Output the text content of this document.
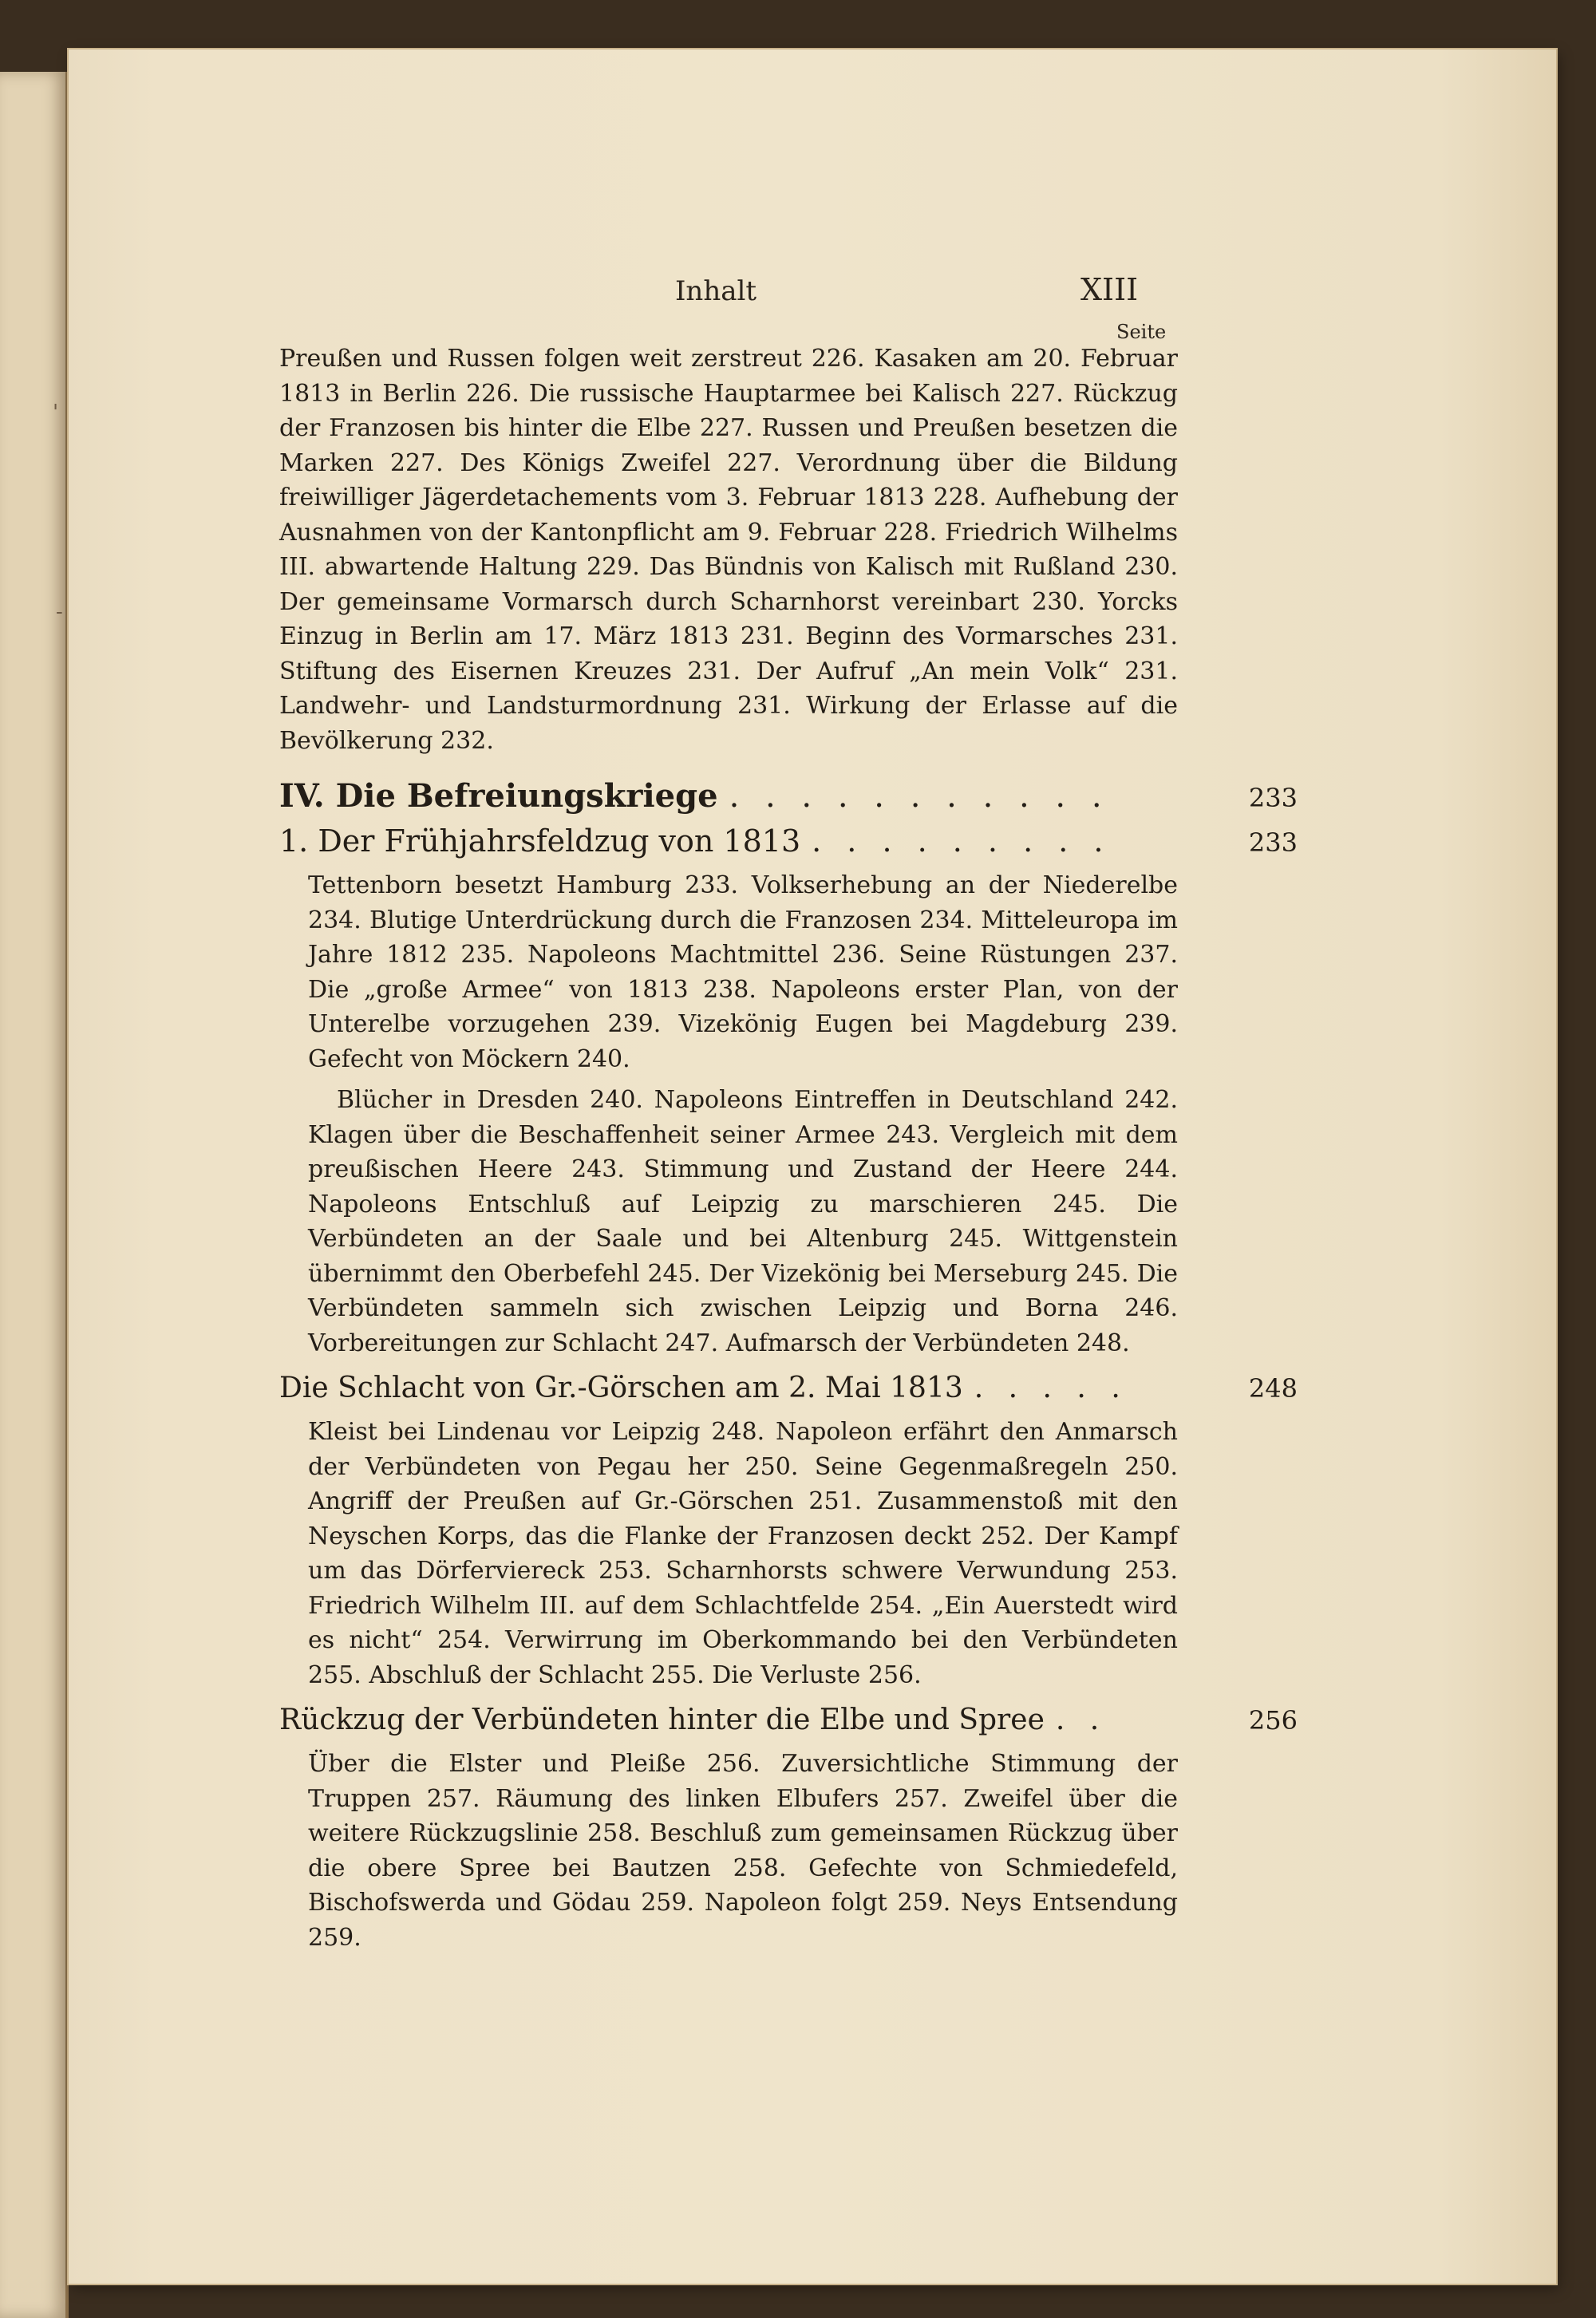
Inhalt	XIII
Seite
'
-

Preußen und Russen folgen weit zerstreut 226. Kasaken am 20. Februar 1813 in Berlin 226. Die russische Hauptarmee bei Kalisch 227. Rückzug der Franzosen bis hinter die Elbe 227. Russen und Preußen besetzen die Marken 227. Des Königs Zweifel 227. Verordnung über die Bildung freiwilliger Jägerdetachements vom 3. Februar 1813 228. Aufhebung der Ausnahmen von der Kantonpflicht am 9. Februar 228. Friedrich Wilhelms III. abwartende Haltung 229. Das Bündnis von Kalisch mit Rußland 230. Der gemeinsame Vormarsch durch Scharnhorst vereinbart 230. Yorcks Einzug in Berlin am 17. März 1813 231. Beginn des Vormarsches 231. Stiftung des Eisernen Kreuzes 231. Der Aufruf „An mein Volk“ 231. Landwehr- und Landsturmordnung 231. Wirkung der Erlasse auf die Bevölkerung 232.

IV. Die Befreiungskriege . . .	233
1. Der Frühjahrsfeldzug von 1813 . . .	233

Tettenborn besetzt Hamburg 233. Volkserhebung an der Niederelbe 234. Blutige Unterdrückung durch die Franzosen 234. Mitteleuropa im Jahre 1812 235. Napoleons Machtmittel 236. Seine Rüstungen 237. Die „große Armee“ von 1813 238. Napoleons erster Plan, von der Unterelbe vorzugehen 239. Vizekönig Eugen bei Magdeburg 239. Gefecht von Möckern 240.

Blücher in Dresden 240. Napoleons Eintreffen in Deutschland 242. Klagen über die Beschaffenheit seiner Armee 243. Vergleich mit dem preußischen Heere 243. Stimmung und Zustand der Heere 244. Napoleons Entschluß auf Leipzig zu marschieren 245. Die Verbündeten an der Saale und bei Altenburg 245. Wittgenstein übernimmt den Oberbefehl 245. Der Vizekönig bei Merseburg 245. Die Verbündeten sammeln sich zwischen Leipzig und Borna 246. Vorbereitungen zur Schlacht 247. Aufmarsch der Verbündeten 248.

Die Schlacht von Gr.-Görschen am 2. Mai 1813 . . .	248

Kleist bei Lindenau vor Leipzig 248. Napoleon erfährt den Anmarsch der Verbündeten von Pegau her 250. Seine Gegenmaßregeln 250. Angriff der Preußen auf Gr.-Görschen 251. Zusammenstoß mit den Neyschen Korps, das die Flanke der Franzosen deckt 252. Der Kampf um das Dörferviereck 253. Scharnhorsts schwere Verwundung 253. Friedrich Wilhelm III. auf dem Schlachtfelde 254. „Ein Auerstedt wird es nicht“ 254. Verwirrung im Oberkommando bei den Verbündeten 255. Abschluß der Schlacht 255. Die Verluste 256.

Rückzug der Verbündeten hinter die Elbe und Spree . . .	256

Über die Elster und Pleiße 256. Zuversichtliche Stimmung der Truppen 257. Räumung des linken Elbufers 257. Zweifel über die weitere Rückzugslinie 258. Beschluß zum gemeinsamen Rückzug über die obere Spree bei Bautzen 258. Gefechte von Schmiedefeld, Bischofswerda und Gödau 259. Napoleon folgt 259. Neys Entsendung 259.
